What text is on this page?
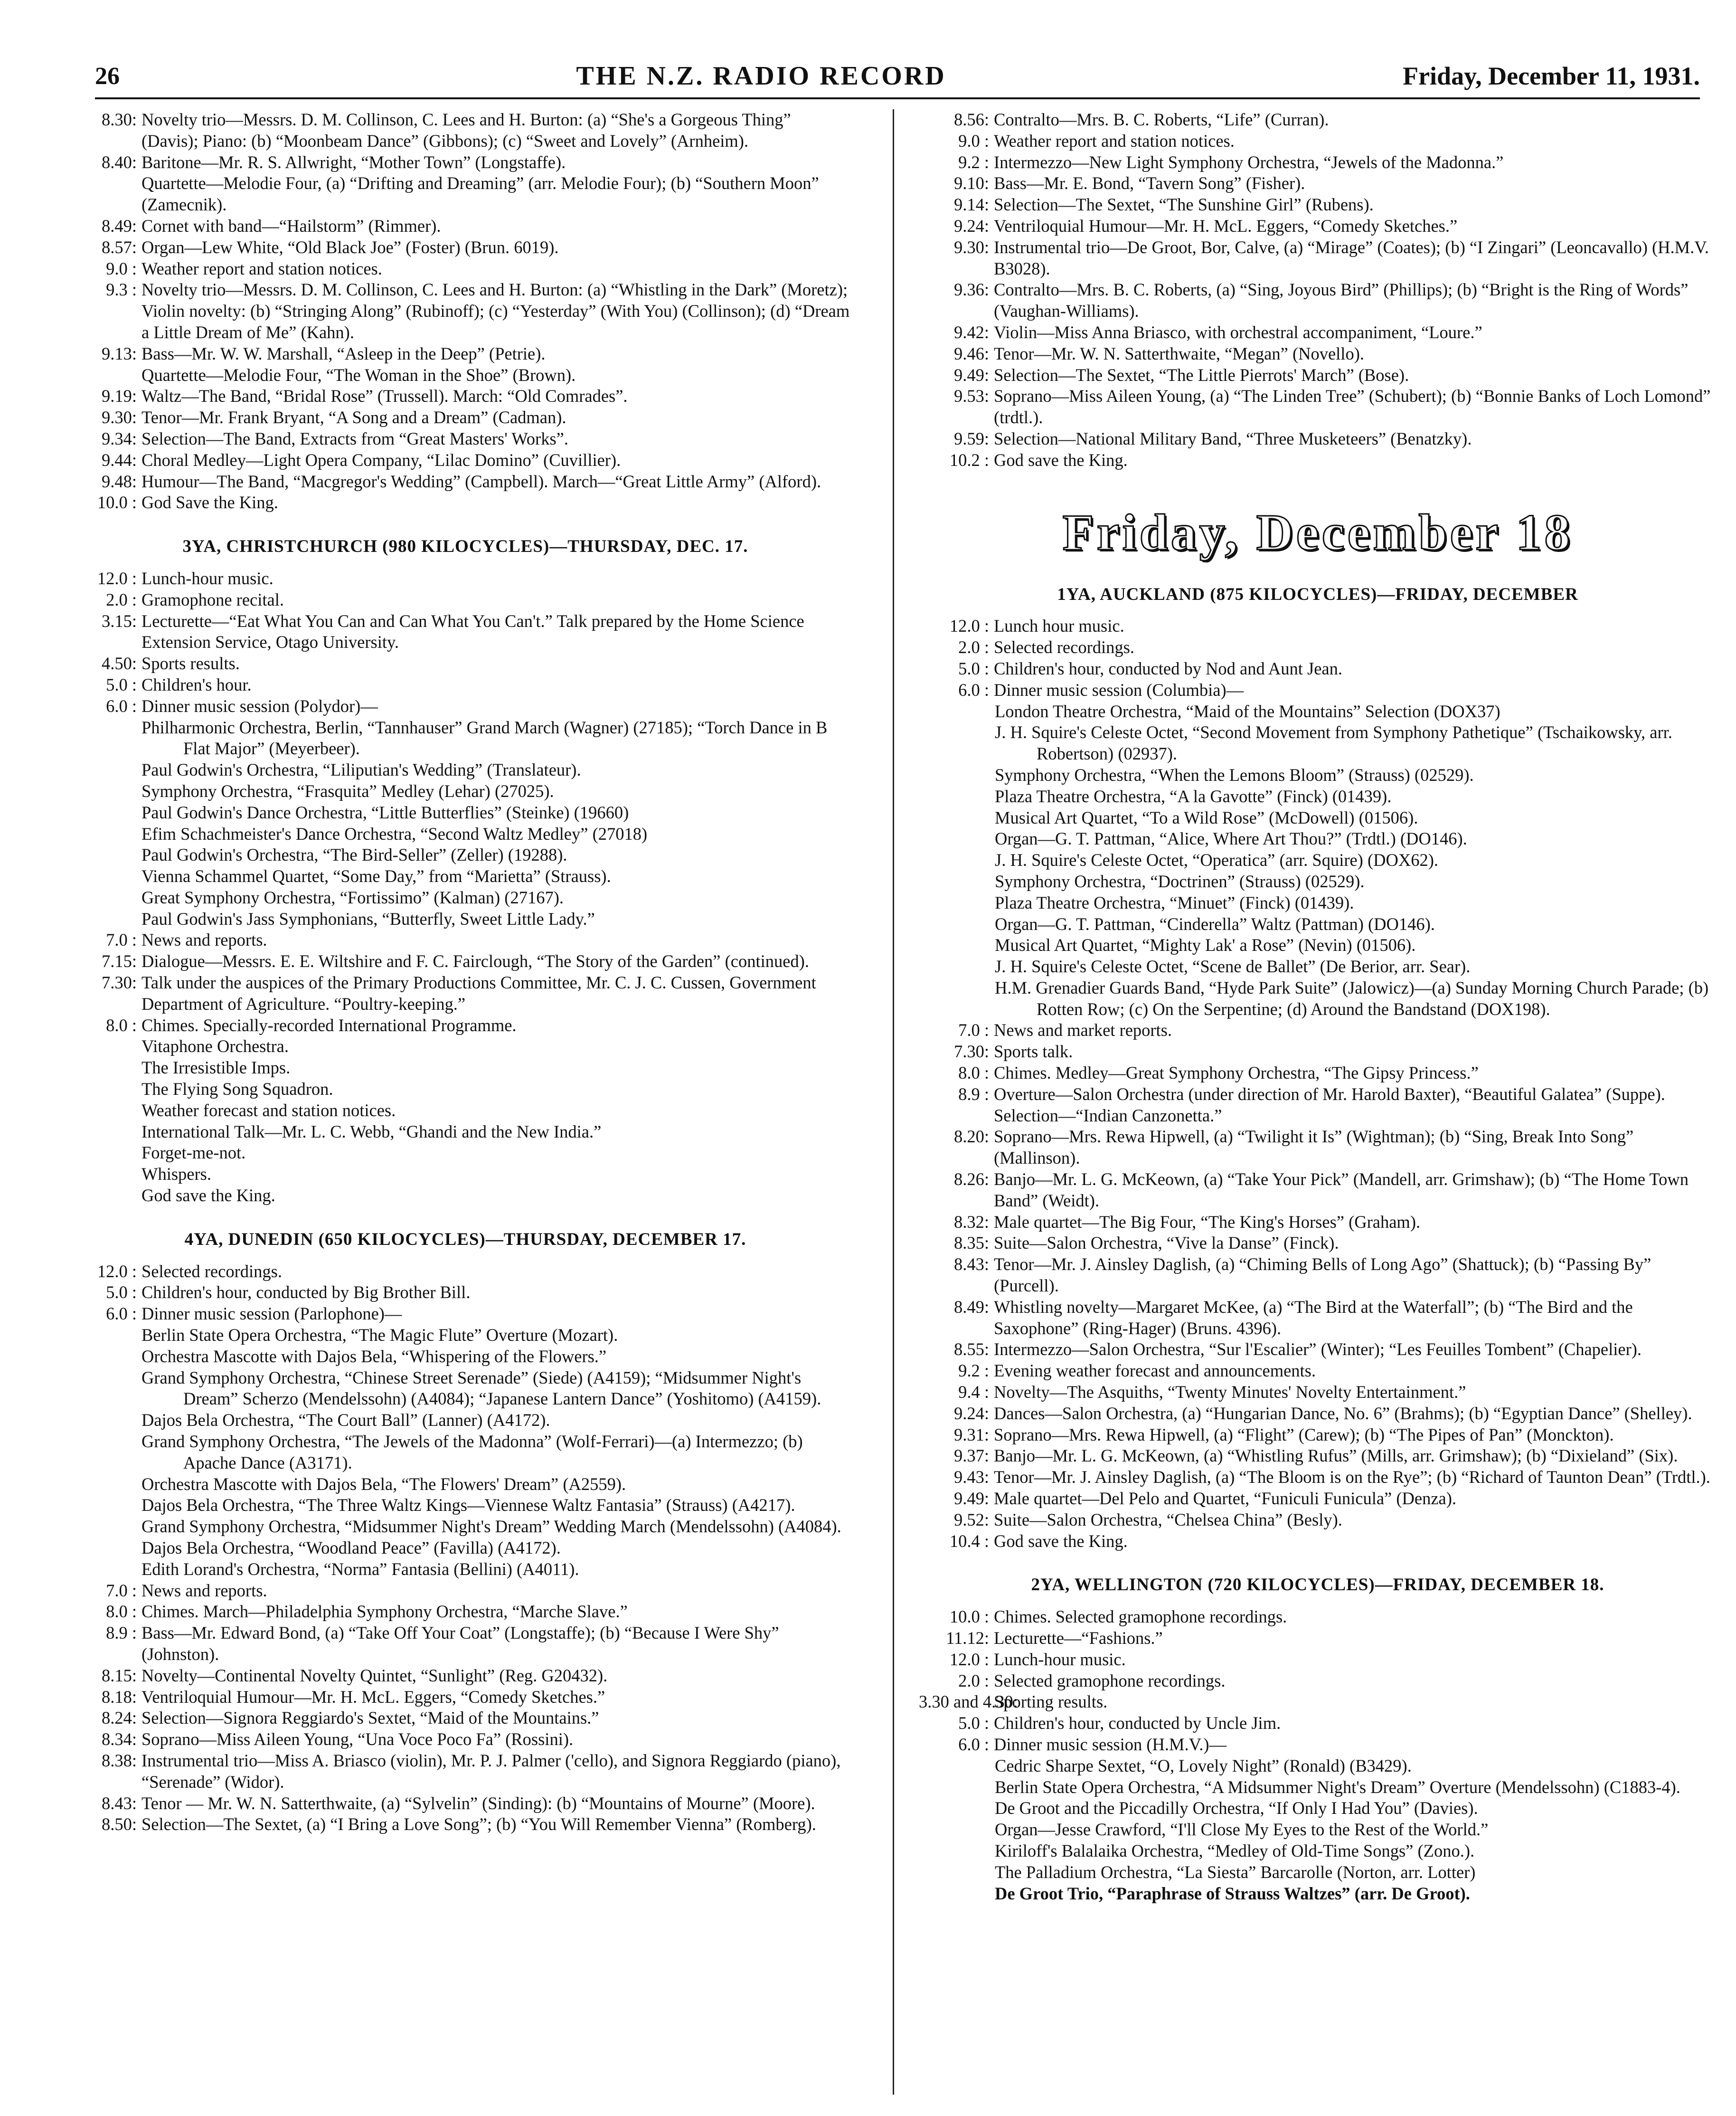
26	THE N.Z. RADIO RECORD	Friday, December 11, 1931.
8.30: Novelty trio—Messrs. D. M. Collinson, C. Lees and H. Burton: (a) “She's a Gorgeous Thing” (Davis); Piano: (b) “Moonbeam Dance” (Gibbons); (c) “Sweet and Lovely” (Arnheim).
8.40: Baritone—Mr. R. S. Allwright, “Mother Town” (Longstaffe).
Quartette—Melodie Four, (a) “Drifting and Dreaming” (arr. Melodie Four); (b) “Southern Moon” (Zamecnik).
8.49: Cornet with band—“Hailstorm” (Rimmer).
8.57: Organ—Lew White, “Old Black Joe” (Foster) (Brun. 6019).
9.0 : Weather report and station notices.
9.3 : Novelty trio—Messrs. D. M. Collinson, C. Lees and H. Burton: (a) “Whistling in the Dark” (Moretz); Violin novelty: (b) “Stringing Along” (Rubinoff); (c) “Yesterday” (With You) (Collinson); (d) “Dream a Little Dream of Me” (Kahn).
9.13: Bass—Mr. W. W. Marshall, “Asleep in the Deep” (Petrie).
Quartette—Melodie Four, “The Woman in the Shoe” (Brown).
9.19: Waltz—The Band, “Bridal Rose” (Trussell). March: “Old Comrades”.
9.30: Tenor—Mr. Frank Bryant, “A Song and a Dream” (Cadman).
9.34: Selection—The Band, Extracts from “Great Masters' Works”.
9.44: Choral Medley—Light Opera Company, “Lilac Domino” (Cuvillier).
9.48: Humour—The Band, “Macgregor's Wedding” (Campbell). March—“Great Little Army” (Alford).
10.0 : God Save the King.
3YA, CHRISTCHURCH (980 KILOCYCLES)—THURSDAY, DEC. 17.
12.0 : Lunch-hour music.
2.0 : Gramophone recital.
3.15: Lecturette—“Eat What You Can and Can What You Can't.” Talk prepared by the Home Science Extension Service, Otago University.
4.50: Sports results.
5.0 : Children's hour.
6.0 : Dinner music session (Polydor)—
Philharmonic Orchestra, Berlin, “Tannhauser” Grand March (Wagner) (27185); “Torch Dance in B Flat Major” (Meyerbeer).
Paul Godwin's Orchestra, “Liliputian's Wedding” (Translateur).
Symphony Orchestra, “Frasquita” Medley (Lehar) (27025).
Paul Godwin's Dance Orchestra, “Little Butterflies” (Steinke) (19660)
Efim Schachmeister's Dance Orchestra, “Second Waltz Medley” (27018)
Paul Godwin's Orchestra, “The Bird-Seller” (Zeller) (19288).
Vienna Schammel Quartet, “Some Day,” from “Marietta” (Strauss).
Great Symphony Orchestra, “Fortissimo” (Kalman) (27167).
Paul Godwin's Jass Symphonians, “Butterfly, Sweet Little Lady.”
7.0 : News and reports.
7.15: Dialogue—Messrs. E. E. Wiltshire and F. C. Fairclough, “The Story of the Garden” (continued).
7.30: Talk under the auspices of the Primary Productions Committee, Mr. C. J. C. Cussen, Government Department of Agriculture. “Poultry-keeping.”
8.0 : Chimes. Specially-recorded International Programme.
Vitaphone Orchestra.
The Irresistible Imps.
The Flying Song Squadron.
Weather forecast and station notices.
International Talk—Mr. L. C. Webb, “Ghandi and the New India.”
Forget-me-not.
Whispers.
God save the King.
4YA, DUNEDIN (650 KILOCYCLES)—THURSDAY, DECEMBER 17.
12.0 : Selected recordings.
5.0 : Children's hour, conducted by Big Brother Bill.
6.0 : Dinner music session (Parlophone)—
Berlin State Opera Orchestra, “The Magic Flute” Overture (Mozart).
Orchestra Mascotte with Dajos Bela, “Whispering of the Flowers.”
Grand Symphony Orchestra, “Chinese Street Serenade” (Siede) (A4159); “Midsummer Night's Dream” Scherzo (Mendelssohn) (A4084); “Japanese Lantern Dance” (Yoshitomo) (A4159).
Dajos Bela Orchestra, “The Court Ball” (Lanner) (A4172).
Grand Symphony Orchestra, “The Jewels of the Madonna” (Wolf-Ferrari)—(a) Intermezzo; (b) Apache Dance (A3171).
Orchestra Mascotte with Dajos Bela, “The Flowers' Dream” (A2559).
Dajos Bela Orchestra, “The Three Waltz Kings—Viennese Waltz Fantasia” (Strauss) (A4217).
Grand Symphony Orchestra, “Midsummer Night's Dream” Wedding March (Mendelssohn) (A4084).
Dajos Bela Orchestra, “Woodland Peace” (Favilla) (A4172).
Edith Lorand's Orchestra, “Norma” Fantasia (Bellini) (A4011).
7.0 : News and reports.
8.0 : Chimes. March—Philadelphia Symphony Orchestra, “Marche Slave.”
8.9 : Bass—Mr. Edward Bond, (a) “Take Off Your Coat” (Longstaffe); (b) “Because I Were Shy” (Johnston).
8.15: Novelty—Continental Novelty Quintet, “Sunlight” (Reg. G20432).
8.18: Ventriloquial Humour—Mr. H. McL. Eggers, “Comedy Sketches.”
8.24: Selection—Signora Reggiardo's Sextet, “Maid of the Mountains.”
8.34: Soprano—Miss Aileen Young, “Una Voce Poco Fa” (Rossini).
8.38: Instrumental trio—Miss A. Briasco (violin), Mr. P. J. Palmer ('cello), and Signora Reggiardo (piano), “Serenade” (Widor).
8.43: Tenor — Mr. W. N. Satterthwaite, (a) “Sylvelin” (Sinding): (b) “Mountains of Mourne” (Moore).
8.50: Selection—The Sextet, (a) “I Bring a Love Song”; (b) “You Will Remember Vienna” (Romberg).
8.56: Contralto—Mrs. B. C. Roberts, “Life” (Curran).
9.0 : Weather report and station notices.
9.2 : Intermezzo—New Light Symphony Orchestra, “Jewels of the Madonna.”
9.10: Bass—Mr. E. Bond, “Tavern Song” (Fisher).
9.14: Selection—The Sextet, “The Sunshine Girl” (Rubens).
9.24: Ventriloquial Humour—Mr. H. McL. Eggers, “Comedy Sketches.”
9.30: Instrumental trio—De Groot, Bor, Calve, (a) “Mirage” (Coates); (b) “I Zingari” (Leoncavallo) (H.M.V. B3028).
9.36: Contralto—Mrs. B. C. Roberts, (a) “Sing, Joyous Bird” (Phillips); (b) “Bright is the Ring of Words” (Vaughan-Williams).
9.42: Violin—Miss Anna Briasco, with orchestral accompaniment, “Loure.”
9.46: Tenor—Mr. W. N. Satterthwaite, “Megan” (Novello).
9.49: Selection—The Sextet, “The Little Pierrots' March” (Bose).
9.53: Soprano—Miss Aileen Young, (a) “The Linden Tree” (Schubert); (b) “Bonnie Banks of Loch Lomond” (trdtl.).
9.59: Selection—National Military Band, “Three Musketeers” (Benatzky).
10.2 : God save the King.
Friday, December 18
1YA, AUCKLAND (875 KILOCYCLES)—FRIDAY, DECEMBER
12.0 : Lunch hour music.
2.0 : Selected recordings.
5.0 : Children's hour, conducted by Nod and Aunt Jean.
6.0 : Dinner music session (Columbia)—
London Theatre Orchestra, “Maid of the Mountains” Selection (DOX37)
J. H. Squire's Celeste Octet, “Second Movement from Symphony Pathetique” (Tschaikowsky, arr. Robertson) (02937).
Symphony Orchestra, “When the Lemons Bloom” (Strauss) (02529).
Plaza Theatre Orchestra, “A la Gavotte” (Finck) (01439).
Musical Art Quartet, “To a Wild Rose” (McDowell) (01506).
Organ—G. T. Pattman, “Alice, Where Art Thou?” (Trdtl.) (DO146).
J. H. Squire's Celeste Octet, “Operatica” (arr. Squire) (DOX62).
Symphony Orchestra, “Doctrinen” (Strauss) (02529).
Plaza Theatre Orchestra, “Minuet” (Finck) (01439).
Organ—G. T. Pattman, “Cinderella” Waltz (Pattman) (DO146).
Musical Art Quartet, “Mighty Lak' a Rose” (Nevin) (01506).
J. H. Squire's Celeste Octet, “Scene de Ballet” (De Berior, arr. Sear).
H.M. Grenadier Guards Band, “Hyde Park Suite” (Jalowicz)—(a) Sunday Morning Church Parade; (b) Rotten Row; (c) On the Serpentine; (d) Around the Bandstand (DOX198).
7.0 : News and market reports.
7.30: Sports talk.
8.0 : Chimes. Medley—Great Symphony Orchestra, “The Gipsy Princess.”
8.9 : Overture—Salon Orchestra (under direction of Mr. Harold Baxter), “Beautiful Galatea” (Suppe). Selection—“Indian Canzonetta.”
8.20: Soprano—Mrs. Rewa Hipwell, (a) “Twilight it Is” (Wightman); (b) “Sing, Break Into Song” (Mallinson).
8.26: Banjo—Mr. L. G. McKeown, (a) “Take Your Pick” (Mandell, arr. Grimshaw); (b) “The Home Town Band” (Weidt).
8.32: Male quartet—The Big Four, “The King's Horses” (Graham).
8.35: Suite—Salon Orchestra, “Vive la Danse” (Finck).
8.43: Tenor—Mr. J. Ainsley Daglish, (a) “Chiming Bells of Long Ago” (Shattuck); (b) “Passing By” (Purcell).
8.49: Whistling novelty—Margaret McKee, (a) “The Bird at the Waterfall”; (b) “The Bird and the Saxophone” (Ring-Hager) (Bruns. 4396).
8.55: Intermezzo—Salon Orchestra, “Sur l'Escalier” (Winter); “Les Feuilles Tombent” (Chapelier).
9.2 : Evening weather forecast and announcements.
9.4 : Novelty—The Asquiths, “Twenty Minutes' Novelty Entertainment.”
9.24: Dances—Salon Orchestra, (a) “Hungarian Dance, No. 6” (Brahms); (b) “Egyptian Dance” (Shelley).
9.31: Soprano—Mrs. Rewa Hipwell, (a) “Flight” (Carew); (b) “The Pipes of Pan” (Monckton).
9.37: Banjo—Mr. L. G. McKeown, (a) “Whistling Rufus” (Mills, arr. Grimshaw); (b) “Dixieland” (Six).
9.43: Tenor—Mr. J. Ainsley Daglish, (a) “The Bloom is on the Rye”; (b) “Richard of Taunton Dean” (Trdtl.).
9.49: Male quartet—Del Pelo and Quartet, “Funiculi Funicula” (Denza).
9.52: Suite—Salon Orchestra, “Chelsea China” (Besly).
10.4 : God save the King.
2YA, WELLINGTON (720 KILOCYCLES)—FRIDAY, DECEMBER 18.
10.0 : Chimes. Selected gramophone recordings.
11.12: Lecturette—“Fashions.”
12.0 : Lunch-hour music.
2.0 : Selected gramophone recordings.
3.30 and 4.30:
Sporting results.
5.0 : Children's hour, conducted by Uncle Jim.
6.0 : Dinner music session (H.M.V.)—
Cedric Sharpe Sextet, “O, Lovely Night” (Ronald) (B3429).
Berlin State Opera Orchestra, “A Midsummer Night's Dream” Overture (Mendelssohn) (C1883-4).
De Groot and the Piccadilly Orchestra, “If Only I Had You” (Davies).
Organ—Jesse Crawford, “I'll Close My Eyes to the Rest of the World.”
Kiriloff's Balalaika Orchestra, “Medley of Old-Time Songs” (Zono.).
The Palladium Orchestra, “La Siesta” Barcarolle (Norton, arr. Lotter)
De Groot Trio, “Paraphrase of Strauss Waltzes” (arr. De Groot).
